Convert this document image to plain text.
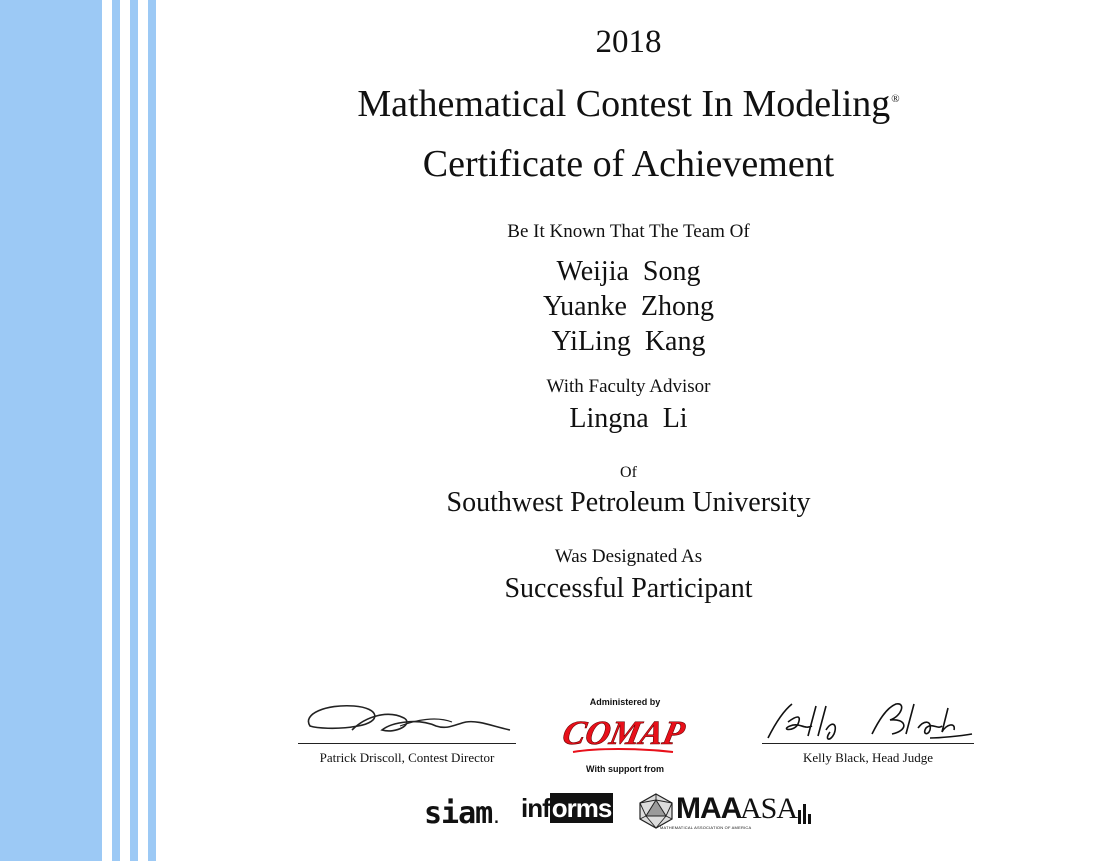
2018
Mathematical Contest In Modeling®
Certificate of Achievement
Be It Known That The Team Of
Weijia  Song
Yuanke  Zhong
YiLing  Kang
With Faculty Advisor
Lingna  Li
Of
Southwest Petroleum University
Was Designated As
Successful Participant
Patrick Driscoll, Contest Director
Administered by
COMAP
With support from
Kelly Black, Head Judge
siam. informs MAA
MATHEMATICAL ASSOCIATION OF AMERICA
ASA
